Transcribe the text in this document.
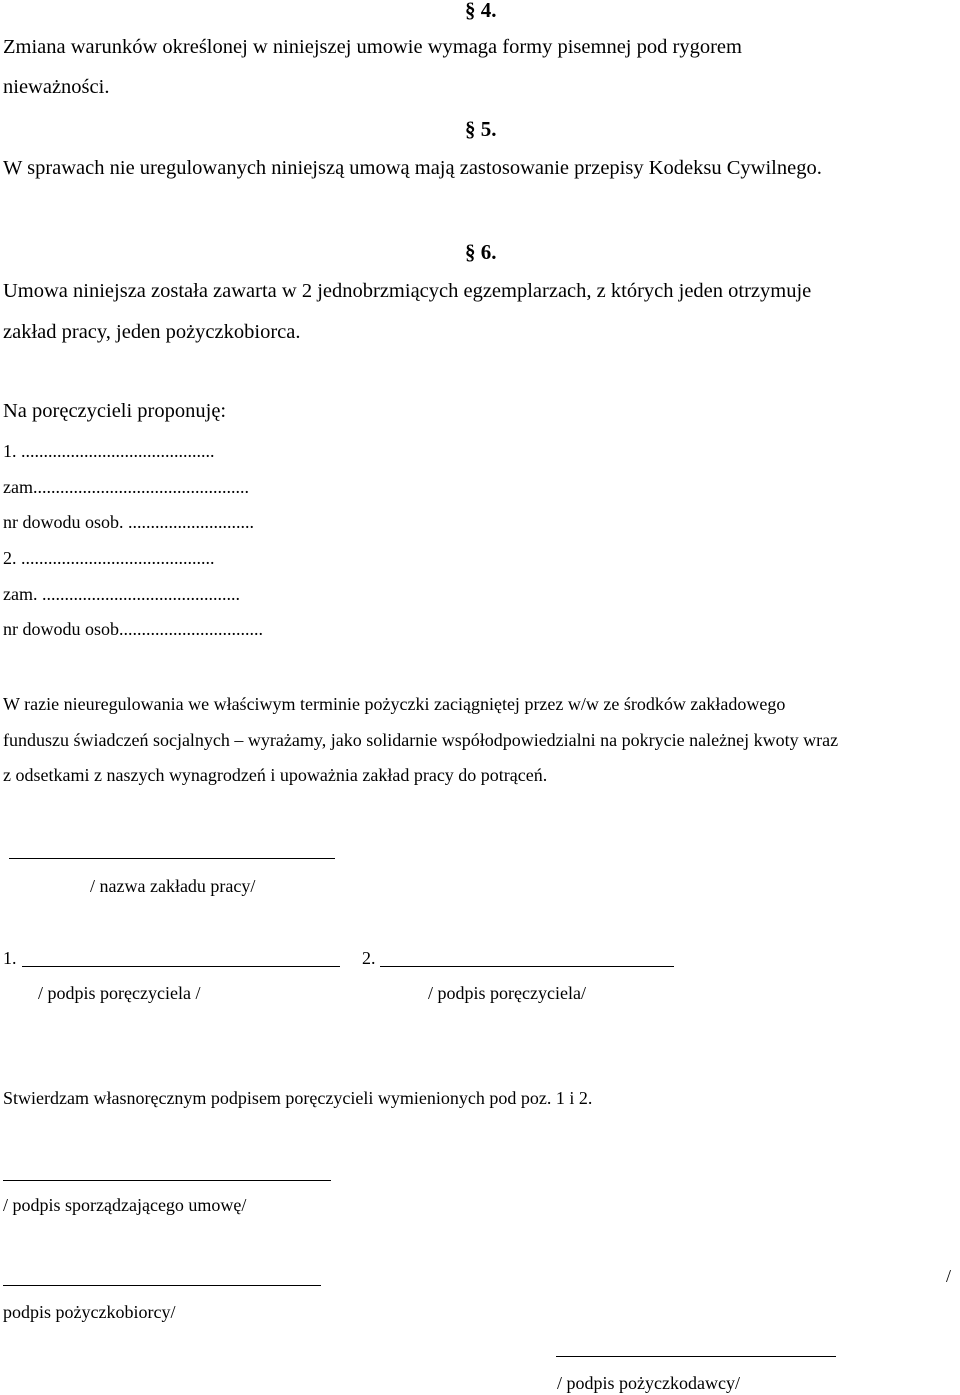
§ 4.
Zmiana warunków określonej w niniejszej umowie wymaga formy pisemnej pod rygorem
nieważności.
§ 5.
W sprawach nie uregulowanych niniejszą umową mają zastosowanie przepisy Kodeksu Cywilnego.
§ 6.
Umowa niniejsza została zawarta w 2 jednobrzmiących egzemplarzach, z których jeden otrzymuje
zakład pracy, jeden pożyczkobiorca.
Na poręczycieli proponuję:
1. ...........................................
zam................................................
nr dowodu osob. ............................
2. ...........................................
zam. ............................................
nr dowodu osob................................
W razie nieuregulowania we właściwym terminie pożyczki zaciągniętej przez w/w ze środków zakładowego
funduszu świadczeń socjalnych – wyrażamy, jako solidarnie współodpowiedzialni na pokrycie należnej kwoty wraz
z odsetkami z naszych wynagrodzeń i upoważnia zakład pracy do potrąceń.
/ nazwa zakładu pracy/
1.	2.
/ podpis poręczyciela /	/ podpis poręczyciela/
Stwierdzam własnoręcznym podpisem poręczycieli wymienionych pod poz. 1 i 2.
/ podpis sporządzającego umowę/
/
podpis pożyczkobiorcy/
/ podpis pożyczkodawcy/
